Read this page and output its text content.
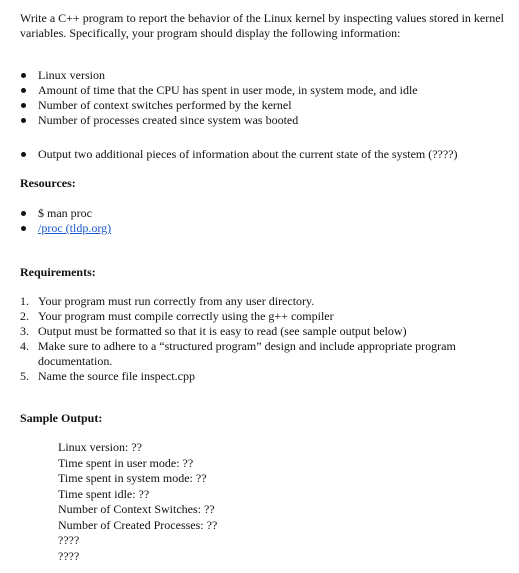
Write a C++ program to report the behavior of the Linux kernel by inspecting values stored in kernel variables. Specifically, your program should display the following information:

Linux version
Amount of time that the CPU has spent in user mode, in system mode, and idle
Number of context switches performed by the kernel
Number of processes created since system was booted
Output two additional pieces of information about the current state of the system (????)
Resources:
$ man proc
/proc (tldp.org)
Requirements:
1. Your program must run correctly from any user directory.
2. Your program must compile correctly using the g++ compiler
3. Output must be formatted so that it is easy to read (see sample output below)
4. Make sure to adhere to a “structured program” design and include appropriate program documentation.
5. Name the source file inspect.cpp
Sample Output:
Linux version: ??
Time spent in user mode: ??
Time spent in system mode: ??
Time spent idle: ??
Number of Context Switches: ??
Number of Created Processes: ??
????
????
